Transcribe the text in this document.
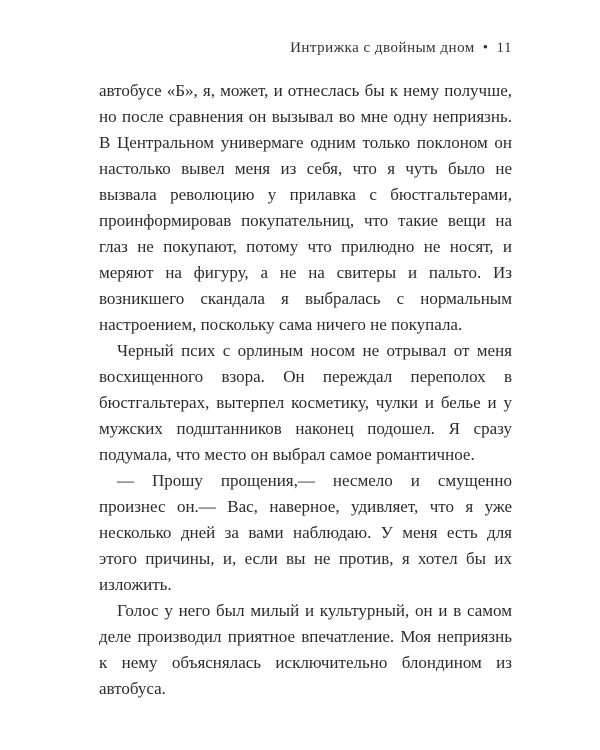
Интрижка с двойным дном • 11

автобусе «Б», я, может, и отнеслась бы к нему получше, но после сравнения он вызывал во мне одну неприязнь. В Центральном универмаге одним только поклоном он настолько вывел меня из себя, что я чуть было не вызвала революцию у прилавка с бюстгальтерами, проинформировав покупательниц, что такие вещи на глаз не покупают, потому что прилюдно не носят, и меряют на фигуру, а не на свитеры и пальто. Из возникшего скандала я выбралась с нормальным настроением, поскольку сама ничего не покупала.

Черный псих с орлиным носом не отрывал от меня восхищенного взора. Он переждал переполох в бюстгальтерах, вытерпел косметику, чулки и белье и у мужских подштанников наконец подошел. Я сразу подумала, что место он выбрал самое романтичное.

— Прошу прощения,— несмело и смущенно произнес он.— Вас, наверное, удивляет, что я уже несколько дней за вами наблюдаю. У меня есть для этого причины, и, если вы не против, я хотел бы их изложить.

Голос у него был милый и культурный, он и в самом деле производил приятное впечатление. Моя неприязнь к нему объяснялась исключительно блондином из автобуса.
